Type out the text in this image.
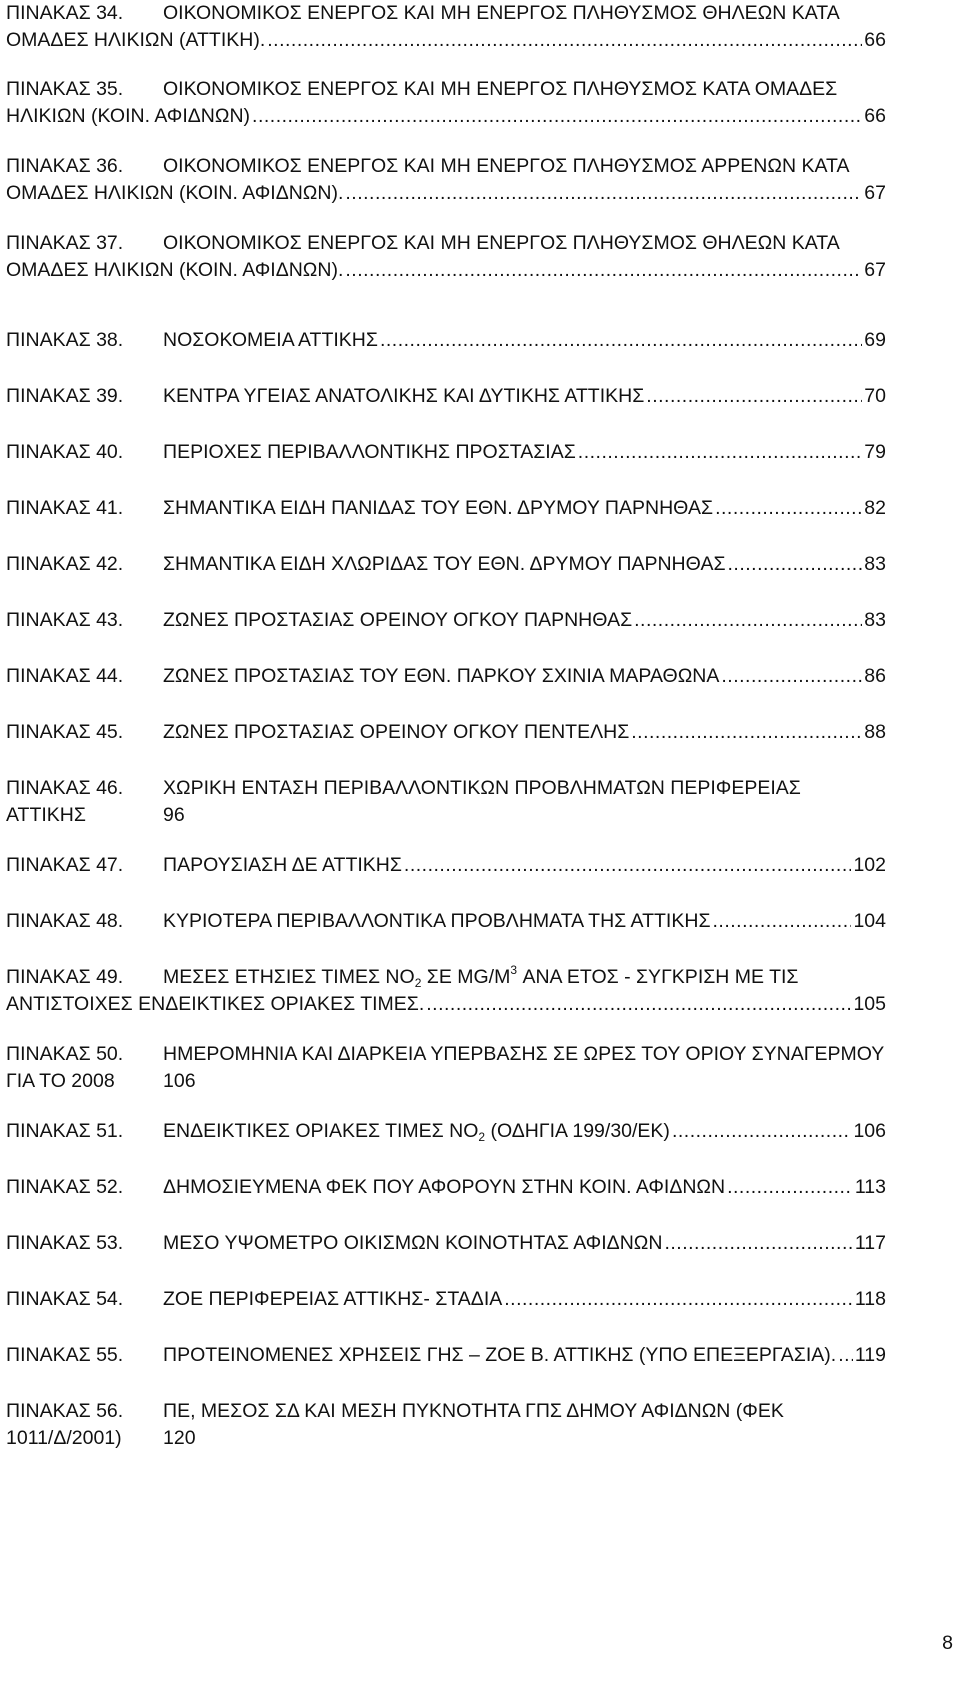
ΠΙΝΑΚΑΣ 34.	ΟΙΚΟΝΟΜΙΚΟΣ ΕΝΕΡΓΟΣ ΚΑΙ ΜΗ ΕΝΕΡΓΟΣ ΠΛΗΘΥΣΜΟΣ ΘΗΛΕΩΝ ΚΑΤΑ
ΟΜΑΔΕΣ ΗΛΙΚΙΩΝ (ΑΤΤΙΚΗ). .....	66
ΠΙΝΑΚΑΣ 35.	ΟΙΚΟΝΟΜΙΚΟΣ ΕΝΕΡΓΟΣ ΚΑΙ ΜΗ ΕΝΕΡΓΟΣ ΠΛΗΘΥΣΜΟΣ ΚΑΤΑ ΟΜΑΔΕΣ
ΗΛΙΚΙΩΝ (ΚΟΙΝ. ΑΦΙΔΝΩΝ) .....	66
ΠΙΝΑΚΑΣ 36.	ΟΙΚΟΝΟΜΙΚΟΣ ΕΝΕΡΓΟΣ ΚΑΙ ΜΗ ΕΝΕΡΓΟΣ ΠΛΗΘΥΣΜΟΣ ΑΡΡΕΝΩΝ ΚΑΤΑ
ΟΜΑΔΕΣ ΗΛΙΚΙΩΝ (ΚΟΙΝ. ΑΦΙΔΝΩΝ). .....	67
ΠΙΝΑΚΑΣ 37.	ΟΙΚΟΝΟΜΙΚΟΣ ΕΝΕΡΓΟΣ ΚΑΙ ΜΗ ΕΝΕΡΓΟΣ ΠΛΗΘΥΣΜΟΣ ΘΗΛΕΩΝ ΚΑΤΑ
ΟΜΑΔΕΣ ΗΛΙΚΙΩΝ (ΚΟΙΝ. ΑΦΙΔΝΩΝ). .....	67
ΠΙΝΑΚΑΣ 38.	ΝΟΣΟΚΟΜΕΙΑ ΑΤΤΙΚΗΣ .....	69
ΠΙΝΑΚΑΣ 39.	ΚΕΝΤΡΑ ΥΓΕΙΑΣ ΑΝΑΤΟΛΙΚΗΣ ΚΑΙ ΔΥΤΙΚΗΣ ΑΤΤΙΚΗΣ .....	70
ΠΙΝΑΚΑΣ 40.	ΠΕΡΙΟΧΕΣ ΠΕΡΙΒΑΛΛΟΝΤΙΚΗΣ ΠΡΟΣΤΑΣΙΑΣ .....	79
ΠΙΝΑΚΑΣ 41.	ΣΗΜΑΝΤΙΚΑ ΕΙΔΗ ΠΑΝΙΔΑΣ ΤΟΥ ΕΘΝ. ΔΡΥΜΟΥ ΠΑΡΝΗΘΑΣ .....	82
ΠΙΝΑΚΑΣ 42.	ΣΗΜΑΝΤΙΚΑ ΕΙΔΗ ΧΛΩΡΙΔΑΣ ΤΟΥ ΕΘΝ. ΔΡΥΜΟΥ ΠΑΡΝΗΘΑΣ .....	83
ΠΙΝΑΚΑΣ 43.	ΖΩΝΕΣ ΠΡΟΣΤΑΣΙΑΣ ΟΡΕΙΝΟΥ ΟΓΚΟΥ ΠΑΡΝΗΘΑΣ .....	83
ΠΙΝΑΚΑΣ 44.	ΖΩΝΕΣ ΠΡΟΣΤΑΣΙΑΣ ΤΟΥ ΕΘΝ. ΠΑΡΚΟΥ ΣΧΙΝΙΑ ΜΑΡΑΘΩΝΑ .....	86
ΠΙΝΑΚΑΣ 45.	ΖΩΝΕΣ ΠΡΟΣΤΑΣΙΑΣ ΟΡΕΙΝΟΥ ΟΓΚΟΥ ΠΕΝΤΕΛΗΣ .....	88
ΠΙΝΑΚΑΣ 46.	ΧΩΡΙΚΗ ΕΝΤΑΣΗ ΠΕΡΙΒΑΛΛΟΝΤΙΚΩΝ ΠΡΟΒΛΗΜΑΤΩΝ ΠΕΡΙΦΕΡΕΙΑΣ
ΑΤΤΙΚΗΣ	96
ΠΙΝΑΚΑΣ 47.	ΠΑΡΟΥΣΙΑΣΗ ΔΕ ΑΤΤΙΚΗΣ .....	102
ΠΙΝΑΚΑΣ 48.	ΚΥΡΙΟΤΕΡΑ ΠΕΡΙΒΑΛΛΟΝΤΙΚΑ ΠΡΟΒΛΗΜΑΤΑ ΤΗΣ ΑΤΤΙΚΗΣ .....	104
ΠΙΝΑΚΑΣ 49.	ΜΕΣΕΣ ΕΤΗΣΙΕΣ ΤΙΜΕΣ $NO_2$ ΣΕ $MG/M^3$ ΑΝΑ ΕΤΟΣ - ΣΥΓΚΡΙΣΗ ΜΕ ΤΙΣ
ΑΝΤΙΣΤΟΙΧΕΣ ΕΝΔΕΙΚΤΙΚΕΣ ΟΡΙΑΚΕΣ ΤΙΜΕΣ. .....	105
ΠΙΝΑΚΑΣ 50.	ΗΜΕΡΟΜΗΝΙΑ ΚΑΙ ΔΙΑΡΚΕΙΑ ΥΠΕΡΒΑΣΗΣ ΣΕ ΩΡΕΣ ΤΟΥ ΟΡΙΟΥ ΣΥΝΑΓΕΡΜΟΥ
ΓΙΑ ΤΟ 2008	106
ΠΙΝΑΚΑΣ 51.	ΕΝΔΕΙΚΤΙΚΕΣ ΟΡΙΑΚΕΣ ΤΙΜΕΣ $NO_2$ (ΟΔΗΓΙΑ 199/30/ΕΚ) .....	106
ΠΙΝΑΚΑΣ 52.	ΔΗΜΟΣΙΕΥΜΕΝΑ ΦΕΚ ΠΟΥ ΑΦΟΡΟΥΝ ΣΤΗΝ ΚΟΙΝ. ΑΦΙΔΝΩΝ .....	113
ΠΙΝΑΚΑΣ 53.	ΜΕΣΟ ΥΨΟΜΕΤΡΟ ΟΙΚΙΣΜΩΝ ΚΟΙΝΟΤΗΤΑΣ ΑΦΙΔΝΩΝ .....	117
ΠΙΝΑΚΑΣ 54.	ΖΟΕ ΠΕΡΙΦΕΡΕΙΑΣ ΑΤΤΙΚΗΣ- ΣΤΑΔΙΑ .....	118
ΠΙΝΑΚΑΣ 55.	ΠΡΟΤΕΙΝΟΜΕΝΕΣ ΧΡΗΣΕΙΣ ΓΗΣ – ΖΟΕ Β. ΑΤΤΙΚΗΣ (ΥΠΟ ΕΠΕΞΕΡΓΑΣΙΑ). ..... 119
ΠΙΝΑΚΑΣ 56.	ΠΕ, ΜΕΣΟΣ ΣΔ ΚΑΙ ΜΕΣΗ ΠΥΚΝΟΤΗΤΑ ΓΠΣ ΔΗΜΟΥ ΑΦΙΔΝΩΝ (ΦΕΚ
1011/Δ/2001)	120
8
